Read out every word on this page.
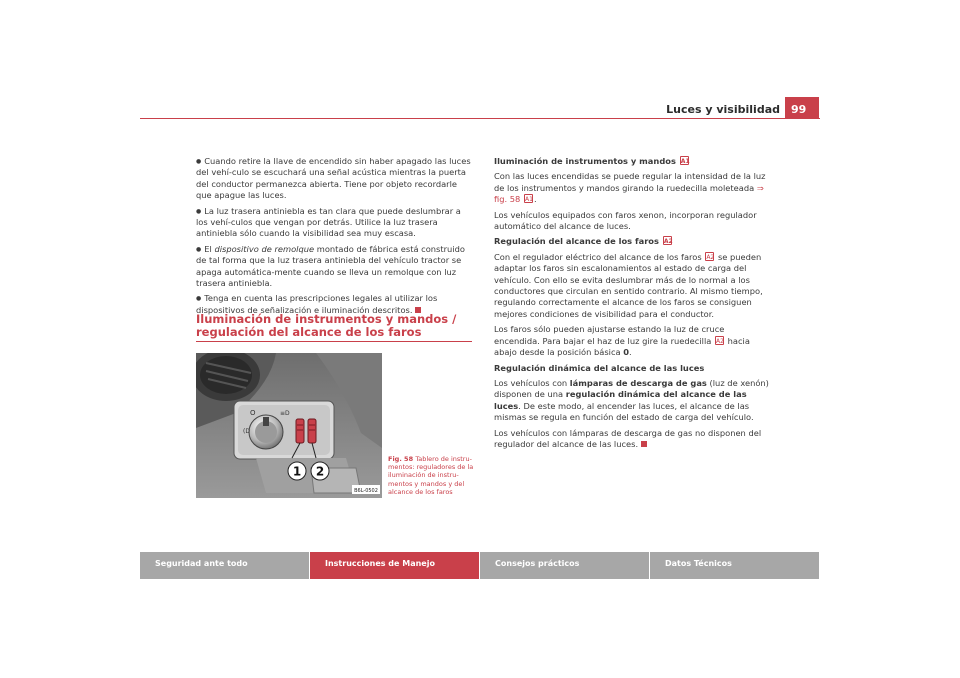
Luces y visibilidad	99

● Cuando retire la llave de encendido sin haber apagado las luces del vehí-culo se escuchará una señal acústica mientras la puerta del conductor permanezca abierta. Tiene por objeto recordarle que apague las luces.

● La luz trasera antiniebla es tan clara que puede deslumbrar a los vehí-culos que vengan por detrás. Utilice la luz trasera antiniebla sólo cuando la visibilidad sea muy escasa.

● El dispositivo de remolque montado de fábrica está construido de tal forma que la luz trasera antiniebla del vehículo tractor se apaga automática-mente cuando se lleva un remolque con luz trasera antiniebla.

● Tenga en cuenta las prescripciones legales al utilizar los dispositivos de señalización e iluminación descritos.

Iluminación de instrumentos y mandos / regulación del alcance de los faros
O
(D
≡D
1 2
B6L-0502
Fig. 58 Tablero de instru-mentos: reguladores de la iluminación de instru-mentos y mandos y del alcance de los faros

Iluminación de instrumentos y mandos A1

Con las luces encendidas se puede regular la intensidad de la luz de los instrumentos y mandos girando la ruedecilla moleteada ⇒ fig. 58 A1.

Los vehículos equipados con faros xenon, incorporan regulador automático del alcance de luces.

Regulación del alcance de los faros A2

Con el regulador eléctrico del alcance de los faros A2 se pueden adaptar los faros sin escalonamientos al estado de carga del vehículo. Con ello se evita deslumbrar más de lo normal a los conductores que circulan en sentido contrario. Al mismo tiempo, regulando correctamente el alcance de los faros se consiguen mejores condiciones de visibilidad para el conductor.

Los faros sólo pueden ajustarse estando la luz de cruce encendida. Para bajar el haz de luz gire la ruedecilla A2 hacia abajo desde la posición básica 0.

Regulación dinámica del alcance de las luces

Los vehículos con lámparas de descarga de gas (luz de xenón) disponen de una regulación dinámica del alcance de las luces. De este modo, al encender las luces, el alcance de las mismas se regula en función del estado de carga del vehículo.

Los vehículos con lámparas de descarga de gas no disponen del regulador del alcance de las luces.

Seguridad ante todo	Instrucciones de Manejo	Consejos prácticos	Datos Técnicos
